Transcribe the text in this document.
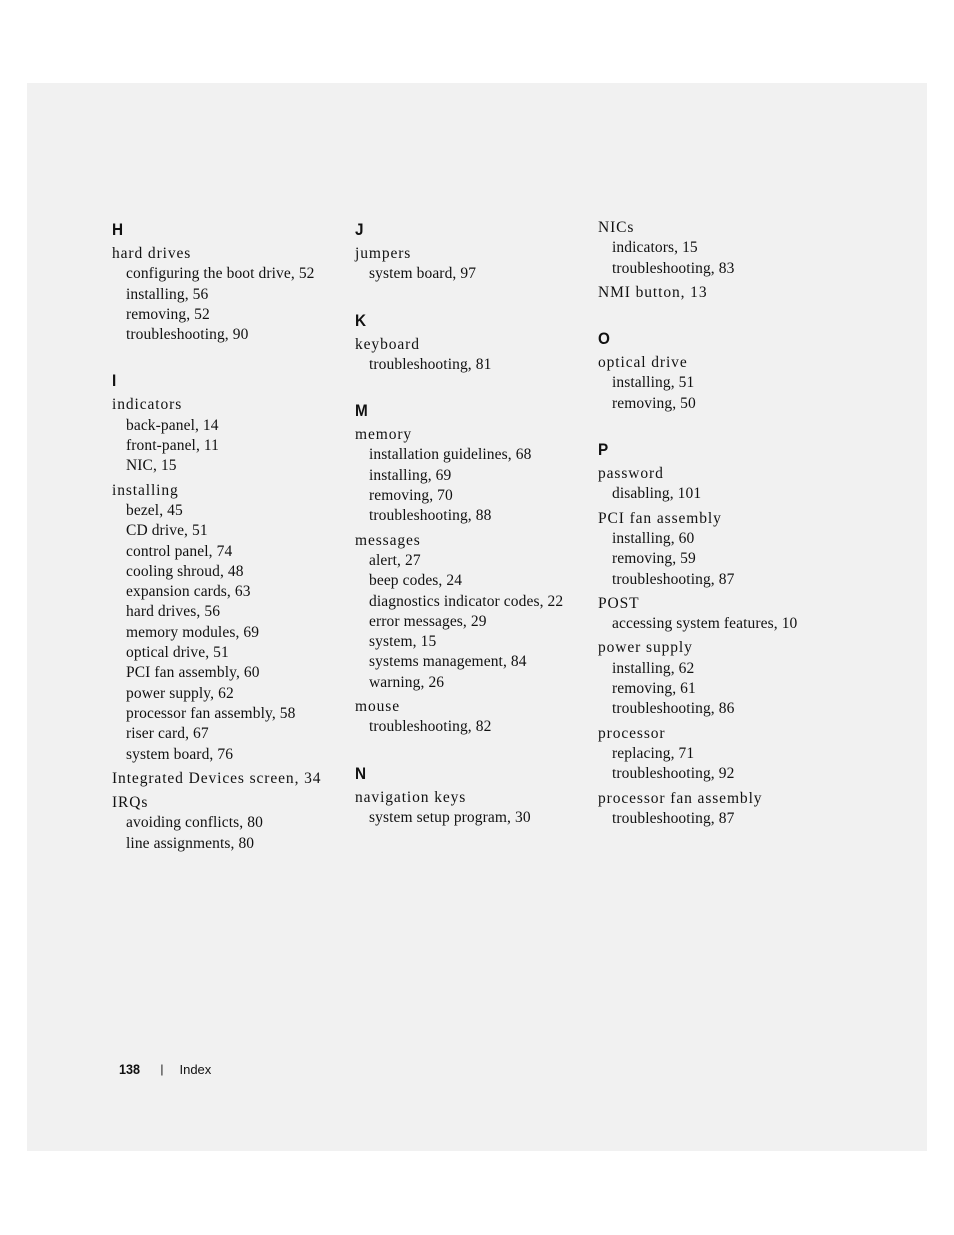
H
hard drives
configuring the boot drive, 52
installing, 56
removing, 52
troubleshooting, 90
I
indicators
back-panel, 14
front-panel, 11
NIC, 15
installing
bezel, 45
CD drive, 51
control panel, 74
cooling shroud, 48
expansion cards, 63
hard drives, 56
memory modules, 69
optical drive, 51
PCI fan assembly, 60
power supply, 62
processor fan assembly, 58
riser card, 67
system board, 76
Integrated Devices screen, 34
IRQs
avoiding conflicts, 80
line assignments, 80
J
jumpers
system board, 97
K
keyboard
troubleshooting, 81
M
memory
installation guidelines, 68
installing, 69
removing, 70
troubleshooting, 88
messages
alert, 27
beep codes, 24
diagnostics indicator codes, 22
error messages, 29
system, 15
systems management, 84
warning, 26
mouse
troubleshooting, 82
N
navigation keys
system setup program, 30
NICs
indicators, 15
troubleshooting, 83
NMI button, 13
O
optical drive
installing, 51
removing, 50
P
password
disabling, 101
PCI fan assembly
installing, 60
removing, 59
troubleshooting, 87
POST
accessing system features, 10
power supply
installing, 62
removing, 61
troubleshooting, 86
processor
replacing, 71
troubleshooting, 92
processor fan assembly
troubleshooting, 87
138 | Index
